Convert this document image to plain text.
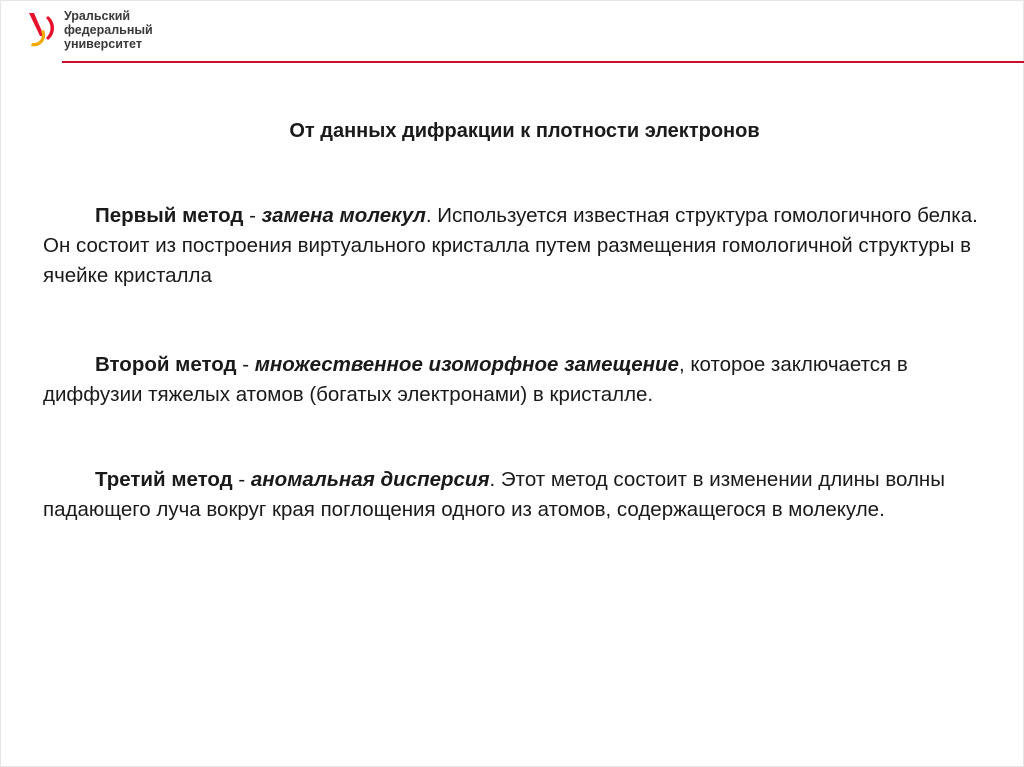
Уральский
федеральный
университет
От данных дифракции к плотности электронов

Первый метод - замена молекул. Используется известная структура гомологичного белка. Он состоит из построения виртуального кристалла путем размещения гомологичной структуры в ячейке кристалла

Второй метод - множественное изоморфное замещение, которое заключается в диффузии тяжелых атомов (богатых электронами) в кристалле.

Третий метод - аномальная дисперсия. Этот метод состоит в изменении длины волны падающего луча вокруг края поглощения одного из атомов, содержащегося в молекуле.
